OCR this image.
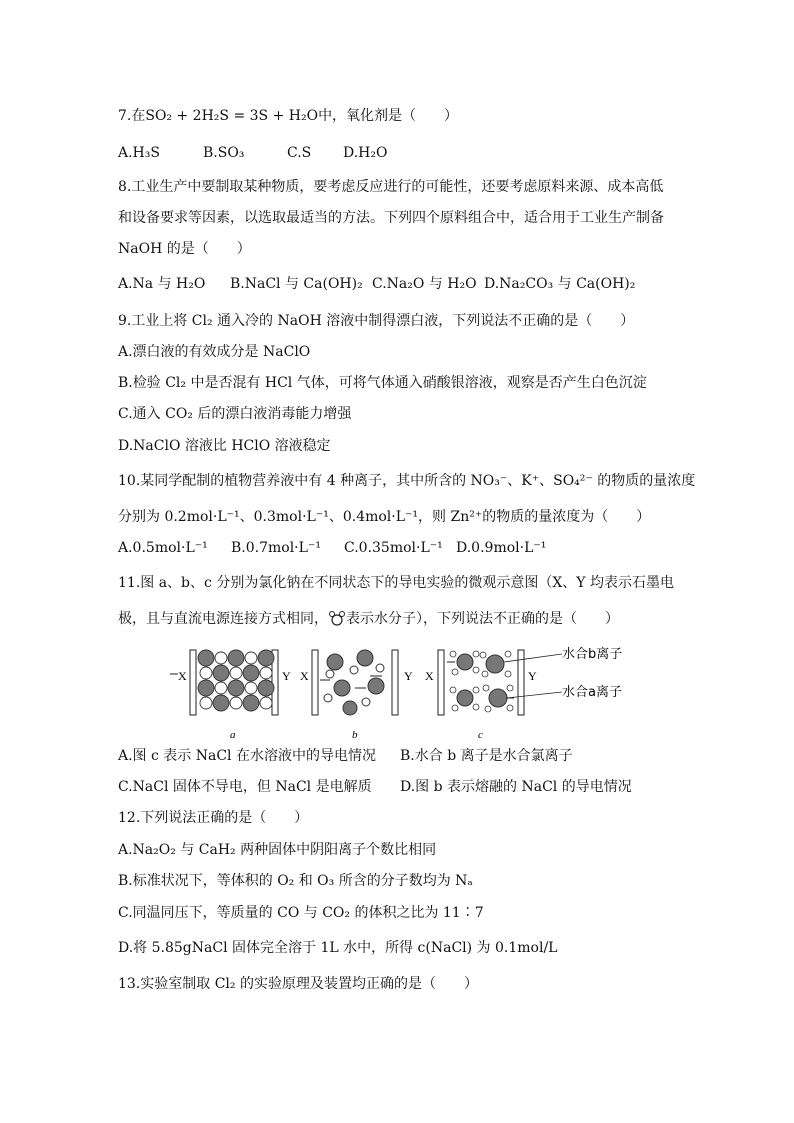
7.在SO₂ + 2H₂S = 3S + H₂O中，氧化剂是（　　）
A.H₃S	B.SO₃	C.S D.H₂O
8.工业生产中要制取某种物质，要考虑反应进行的可能性，还要考虑原料来源、成本高低
和设备要求等因素，以选取最适当的方法。下列四个原料组合中，适合用于工业生产制备
NaOH 的是（　　）
A.Na 与 H₂O B.NaCl 与 Ca(OH)₂ C.Na₂O 与 H₂O D.Na₂CO₃ 与 Ca(OH)₂
9.工业上将 Cl₂ 通入冷的 NaOH 溶液中制得漂白液，下列说法不正确的是（　　）
A.漂白液的有效成分是 NaClO
B.检验 Cl₂ 中是否混有 HCl 气体，可将气体通入硝酸银溶液，观察是否产生白色沉淀
C.通入 CO₂ 后的漂白液消毒能力增强
D.NaClO 溶液比 HClO 溶液稳定
10.某同学配制的植物营养液中有 4 种离子，其中所含的 NO₃⁻、K⁺、SO₄²⁻ 的物质的量浓度
分别为 0.2mol·L⁻¹、0.3mol·L⁻¹、0.4mol·L⁻¹，则 Zn²⁺的物质的量浓度为（　　）
A.0.5mol·L⁻¹ B.0.7mol·L⁻¹ C.0.35mol·L⁻¹ D.0.9mol·L⁻¹
11.图 a、b、c 分别为氯化钠在不同状态下的导电实验的微观示意图（X、Y 均表示石墨电
极，且与直流电源连接方式相同， 表示水分子），下列说法不正确的是（　　）
X	Y
a
X	Y
b
X	Y
水合b离子
水合a离子
c
A.图 c 表示 NaCl 在水溶液中的导电情况 B.水合 b 离子是水合氯离子
C.NaCl 固体不导电，但 NaCl 是电解质 D.图 b 表示熔融的 NaCl 的导电情况
12.下列说法正确的是（　　）
A.Na₂O₂ 与 CaH₂ 两种固体中阴阳离子个数比相同
B.标准状况下，等体积的 O₂ 和 O₃ 所含的分子数均为 Nₐ
C.同温同压下，等质量的 CO 与 CO₂ 的体积之比为 11∶7
D.将 5.85gNaCl 固体完全溶于 1L 水中，所得 c(NaCl) 为 0.1mol/L
13.实验室制取 Cl₂ 的实验原理及装置均正确的是（　　）
